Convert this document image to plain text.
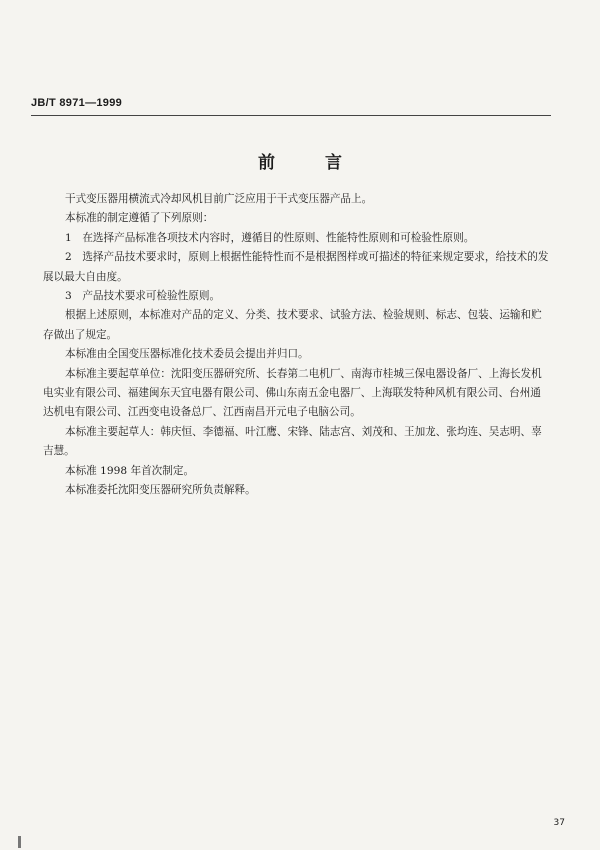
JB/T 8971—1999
前 言

干式变压器用横流式冷却风机目前广泛应用于干式变压器产品上。

本标准的制定遵循了下列原则：

1　在选择产品标准各项技术内容时，遵循目的性原则、性能特性原则和可检验性原则。

2　选择产品技术要求时，原则上根据性能特性而不是根据图样或可描述的特征来规定要求，给技术的发展以最大自由度。

3　产品技术要求可检验性原则。

根据上述原则，本标准对产品的定义、分类、技术要求、试验方法、检验规则、标志、包装、运输和贮存做出了规定。

本标准由全国变压器标准化技术委员会提出并归口。

本标准主要起草单位：沈阳变压器研究所、长春第二电机厂、南海市桂城三保电器设备厂、上海长发机电实业有限公司、福建闽东天宜电器有限公司、佛山东南五金电器厂、上海联发特种风机有限公司、台州通达机电有限公司、江西变电设备总厂、江西南昌开元电子电脑公司。

本标准主要起草人：韩庆恒、李德福、叶江鹰、宋锋、陆志宫、刘茂和、王加龙、张均连、吴志明、辜吉慧。

本标准 1998 年首次制定。

本标准委托沈阳变压器研究所负责解释。

37
